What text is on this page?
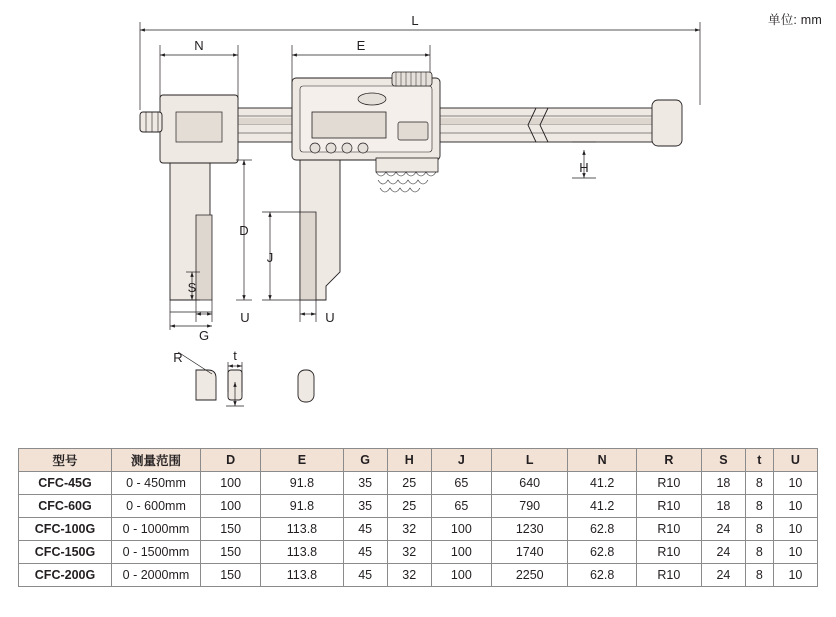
单位: mm
L
N	E
D
J
S
G
U	U
H
R	t
型号	测量范围	D	E	G	H	J	L	N	R	S	t	U
CFC-45G	0 - 450mm	100	91.8	35	25	65	640	41.2	R10	18	8	10
CFC-60G	0 - 600mm	100	91.8	35	25	65	790	41.2	R10	18	8	10
CFC-100G	0 - 1000mm	150	113.8	45	32	100	1230	62.8	R10	24	8	10
CFC-150G	0 - 1500mm	150	113.8	45	32	100	1740	62.8	R10	24	8	10
CFC-200G	0 - 2000mm	150	113.8	45	32	100	2250	62.8	R10	24	8	10
